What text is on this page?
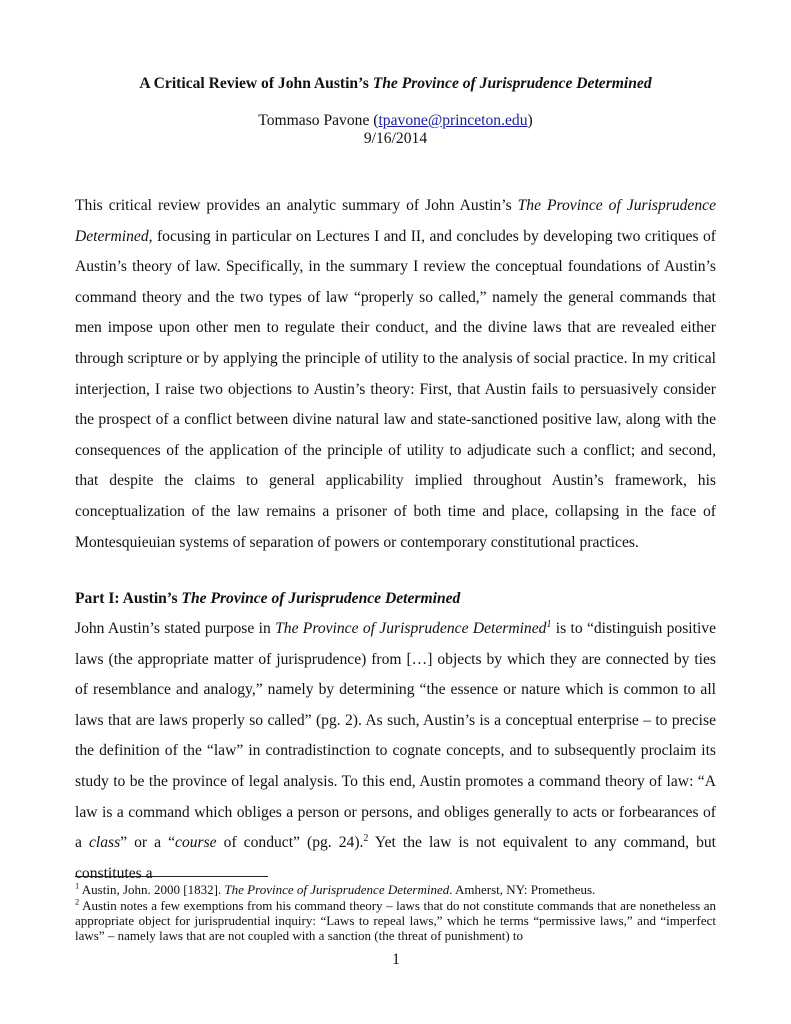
A Critical Review of John Austin’s The Province of Jurisprudence Determined
Tommaso Pavone (tpavone@princeton.edu)
9/16/2014

This critical review provides an analytic summary of John Austin’s The Province of Jurisprudence Determined, focusing in particular on Lectures I and II, and concludes by developing two critiques of Austin’s theory of law. Specifically, in the summary I review the conceptual foundations of Austin’s command theory and the two types of law “properly so called,” namely the general commands that men impose upon other men to regulate their conduct, and the divine laws that are revealed either through scripture or by applying the principle of utility to the analysis of social practice. In my critical interjection, I raise two objections to Austin’s theory: First, that Austin fails to persuasively consider the prospect of a conflict between divine natural law and state-sanctioned positive law, along with the consequences of the application of the principle of utility to adjudicate such a conflict; and second, that despite the claims to general applicability implied throughout Austin’s framework, his conceptualization of the law remains a prisoner of both time and place, collapsing in the face of Montesquieuian systems of separation of powers or contemporary constitutional practices.

Part I: Austin’s The Province of Jurisprudence Determined

John Austin’s stated purpose in The Province of Jurisprudence Determined$^1$ is to “distinguish positive laws (the appropriate matter of jurisprudence) from […] objects by which they are connected by ties of resemblance and analogy,” namely by determining “the essence or nature which is common to all laws that are laws properly so called” (pg. 2). As such, Austin’s is a conceptual enterprise – to precise the definition of the “law” in contradistinction to cognate concepts, and to subsequently proclaim its study to be the province of legal analysis. To this end, Austin promotes a command theory of law: “A law is a command which obliges a person or persons, and obliges generally to acts or forbearances of a class” or a “course of conduct” (pg. 24).$^2$ Yet the law is not equivalent to any command, but constitutes a

$^1$ Austin, John. 2000 [1832]. The Province of Jurisprudence Determined. Amherst, NY: Prometheus.

$^2$ Austin notes a few exemptions from his command theory – laws that do not constitute commands that are nonetheless an appropriate object for jurisprudential inquiry: “Laws to repeal laws,” which he terms “permissive laws,” and “imperfect laws” – namely laws that are not coupled with a sanction (the threat of punishment) to

1
